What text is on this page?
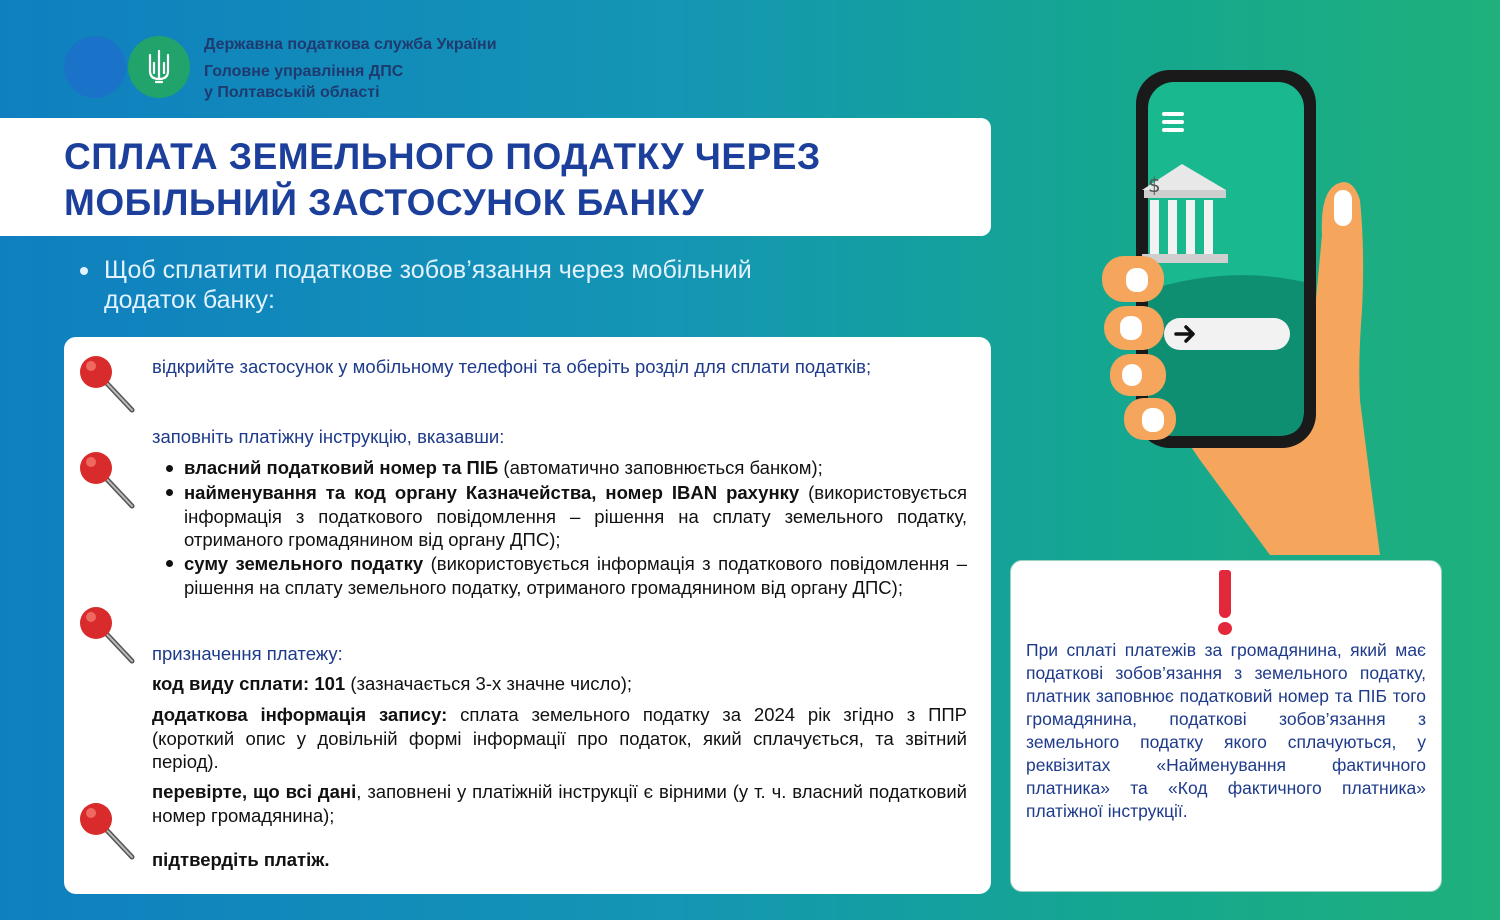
Державна податкова служба України
Головне управління ДПС
у Полтавській області
СПЛАТА ЗЕМЕЛЬНОГО ПОДАТКУ ЧЕРЕЗ
МОБІЛЬНИЙ ЗАСТОСУНОК БАНКУ
Щоб сплатити податкове зобов’язання через мобільний додаток банку:
відкрийте застосунок у мобільному телефоні та оберіть розділ для сплати податків;
заповніть платіжну інструкцію, вказавши:
власний податковий номер та ПІБ (автоматично заповнюється банком);
найменування та код органу Казначейства, номер IBAN рахунку (використовується інформація з податкового повідомлення – рішення на сплату земельного податку, отриманого громадянином від органу ДПС);
суму земельного податку (використовується інформація з податкового повідомлення – рішення на сплату земельного податку, отриманого громадянином від органу ДПС);
призначення платежу:
код виду сплати: 101 (зазначається 3-х значне число);
додаткова інформація запису: сплата земельного податку за 2024 рік згідно з ППР (короткий опис у довільній формі інформації про податок, який сплачується, та звітний період).
перевірте, що всі дані, заповнені у платіжній інструкції є вірними (у т. ч. власний податковий номер громадянина);
підтвердіть платіж.
При сплаті платежів за громадянина, який має податкові зобов’язання з земельного податку, платник заповнює податковий номер та ПІБ того громадянина, податкові зобов’язання з земельного податку якого сплачуються, у реквізитах «Найменування фактичного платника» та «Код фактичного платника» платіжної інструкції.
$
